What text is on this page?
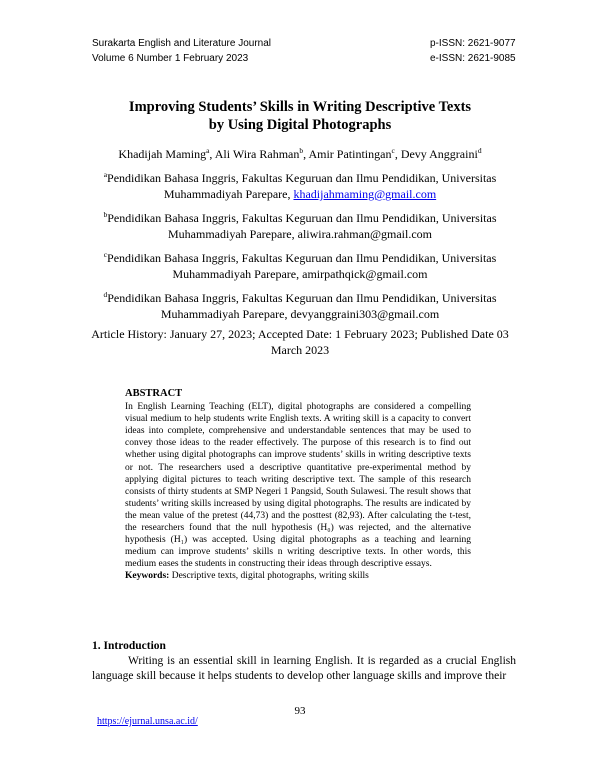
Surakarta English and Literature Journal
Volume 6 Number 1 February 2023
p-ISSN: 2621-9077
e-ISSN: 2621-9085
Improving Students’ Skills in Writing Descriptive Texts
by Using Digital Photographs
Khadijah Maming$^a$, Ali Wira Rahman$^b$, Amir Patintingan$^c$, Devy Anggraini$^d$
$^a$Pendidikan Bahasa Inggris, Fakultas Keguruan dan Ilmu Pendidikan, Universitas
Muhammadiyah Parepare, khadijahmaming@gmail.com
$^b$Pendidikan Bahasa Inggris, Fakultas Keguruan dan Ilmu Pendidikan, Universitas
Muhammadiyah Parepare, aliwira.rahman@gmail.com
$^c$Pendidikan Bahasa Inggris, Fakultas Keguruan dan Ilmu Pendidikan, Universitas
Muhammadiyah Parepare, amirpathqick@gmail.com
$^d$Pendidikan Bahasa Inggris, Fakultas Keguruan dan Ilmu Pendidikan, Universitas
Muhammadiyah Parepare, devyanggraini303@gmail.com
Article History: January 27, 2023; Accepted Date: 1 February 2023; Published Date 03
March 2023
ABSTRACT
In English Learning Teaching (ELT), digital photographs are considered a compelling visual medium to help students write English texts. A writing skill is a capacity to convert ideas into complete, comprehensive and understandable sentences that may be used to convey those ideas to the reader effectively. The purpose of this research is to find out whether using digital photographs can improve students’ skills in writing descriptive texts or not. The researchers used a descriptive quantitative pre-experimental method by applying digital pictures to teach writing descriptive text. The sample of this research consists of thirty students at SMP Negeri 1 Pangsid, South Sulawesi. The result shows that students’ writing skills increased by using digital photographs. The results are indicated by the mean value of the pretest (44,73) and the posttest (82,93). After calculating the t-test, the researchers found that the null hypothesis (H₀) was rejected, and the alternative hypothesis (H₁) was accepted. Using digital photographs as a teaching and learning medium can improve students’ skills n writing descriptive texts. In other words, this medium eases the students in constructing their ideas through descriptive essays.
Keywords: Descriptive texts, digital photographs, writing skills
1. Introduction
Writing is an essential skill in learning English. It is regarded as a crucial English language skill because it helps students to develop other language skills and improve their
93
https://ejurnal.unsa.ac.id/
